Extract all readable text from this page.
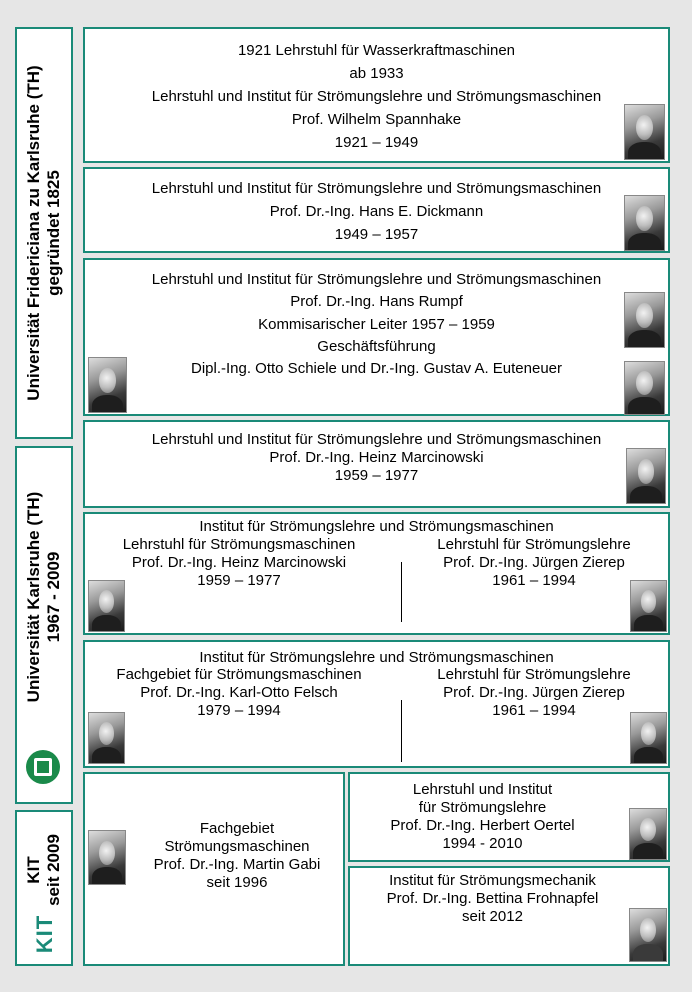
Universität Fridericiana zu Karlsruhe (TH) gegründet 1825
Universität Karlsruhe (TH) 1967 - 2009
KIT seit 2009
KIT
1921 Lehrstuhl für Wasserkraftmaschinen
ab 1933
Lehrstuhl und Institut für Strömungslehre und Strömungsmaschinen
Prof. Wilhelm Spannhake
1921 – 1949
Lehrstuhl und Institut für Strömungslehre und Strömungsmaschinen
Prof. Dr.-Ing. Hans E. Dickmann
1949 – 1957
Lehrstuhl und Institut für Strömungslehre und Strömungsmaschinen
Prof. Dr.-Ing. Hans Rumpf
Kommisarischer Leiter 1957 – 1959
Geschäftsführung
Dipl.-Ing. Otto Schiele und Dr.-Ing. Gustav A. Euteneuer
Lehrstuhl und Institut für Strömungslehre und Strömungsmaschinen
Prof. Dr.-Ing. Heinz Marcinowski
1959 – 1977
Institut für Strömungslehre und Strömungsmaschinen
Lehrstuhl für Strömungsmaschinen
Prof. Dr.-Ing. Heinz Marcinowski
1959 – 1977
Lehrstuhl für Strömungslehre
Prof. Dr.-Ing. Jürgen Zierep
1961 – 1994
Institut für Strömungslehre und Strömungsmaschinen
Fachgebiet für Strömungsmaschinen
Prof. Dr.-Ing. Karl-Otto Felsch
1979 – 1994
Lehrstuhl für Strömungslehre
Prof. Dr.-Ing. Jürgen Zierep
1961 – 1994
Fachgebiet
Strömungsmaschinen
Prof. Dr.-Ing. Martin Gabi
seit 1996
Lehrstuhl und Institut
für Strömungslehre
Prof. Dr.-Ing. Herbert Oertel
1994 - 2010
Institut für Strömungsmechanik
Prof. Dr.-Ing. Bettina Frohnapfel
seit 2012
